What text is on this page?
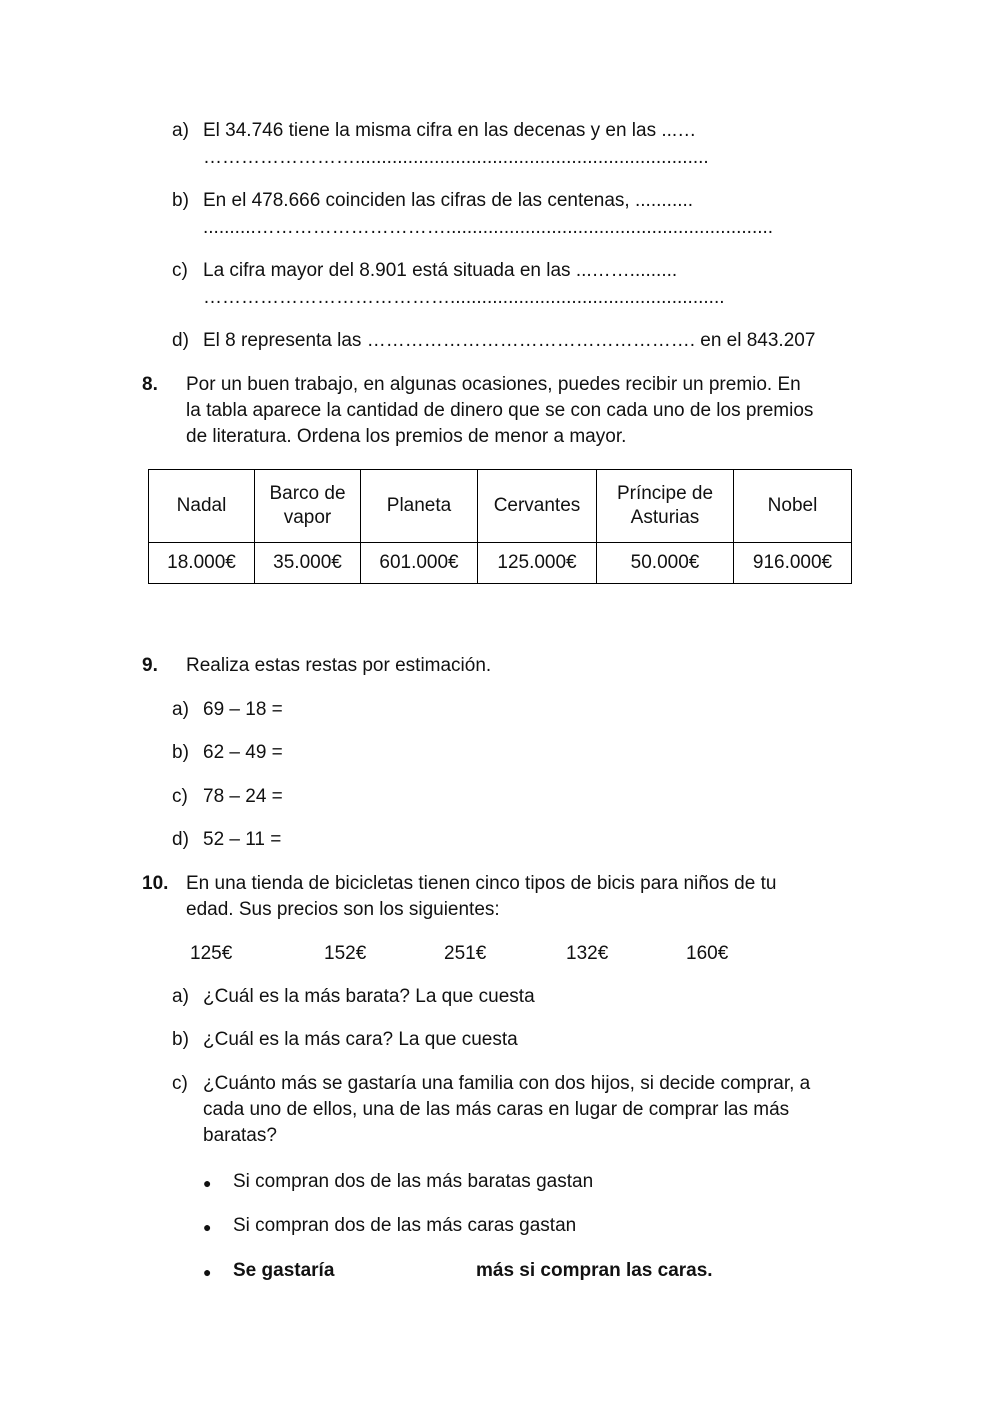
a) El 34.746 tiene la misma cifra en las decenas y en las ...…
……………………...................................................................
b) En el 478.666 coinciden las cifras de las centenas, ...........
..........…………………………..............................................................
c) La cifra mayor del 8.901 está situada en las ...…….........
…………………………………....................................................
d) El 8 representa las ……………………………………………. en el 843.207
8. Por un buen trabajo, en algunas ocasiones, puedes recibir un premio. En
la tabla aparece la cantidad de dinero que se con cada uno de los premios
de literatura. Ordena los premios de menor a mayor.
Nadal	Barco de
vapor	Planeta	Cervantes	Príncipe de
Asturias	Nobel
18.000€	35.000€	601.000€	125.000€	50.000€	916.000€
9. Realiza estas restas por estimación.
a) 69 – 18 =
b) 62 – 49 =
c) 78 – 24 =
d) 52 – 11 =
10. En una tienda de bicicletas tienen cinco tipos de bicis para niños de tu
edad. Sus precios son los siguientes:
125€	152€	251€	132€	160€
a) ¿Cuál es la más barata? La que cuesta
b) ¿Cuál es la más cara? La que cuesta
c) ¿Cuánto más se gastaría una familia con dos hijos, si decide comprar, a
cada uno de ellos, una de las más caras en lugar de comprar las más
baratas?
● Si compran dos de las más baratas gastan
● Si compran dos de las más caras gastan
● Se gastaría	más si compran las caras.
